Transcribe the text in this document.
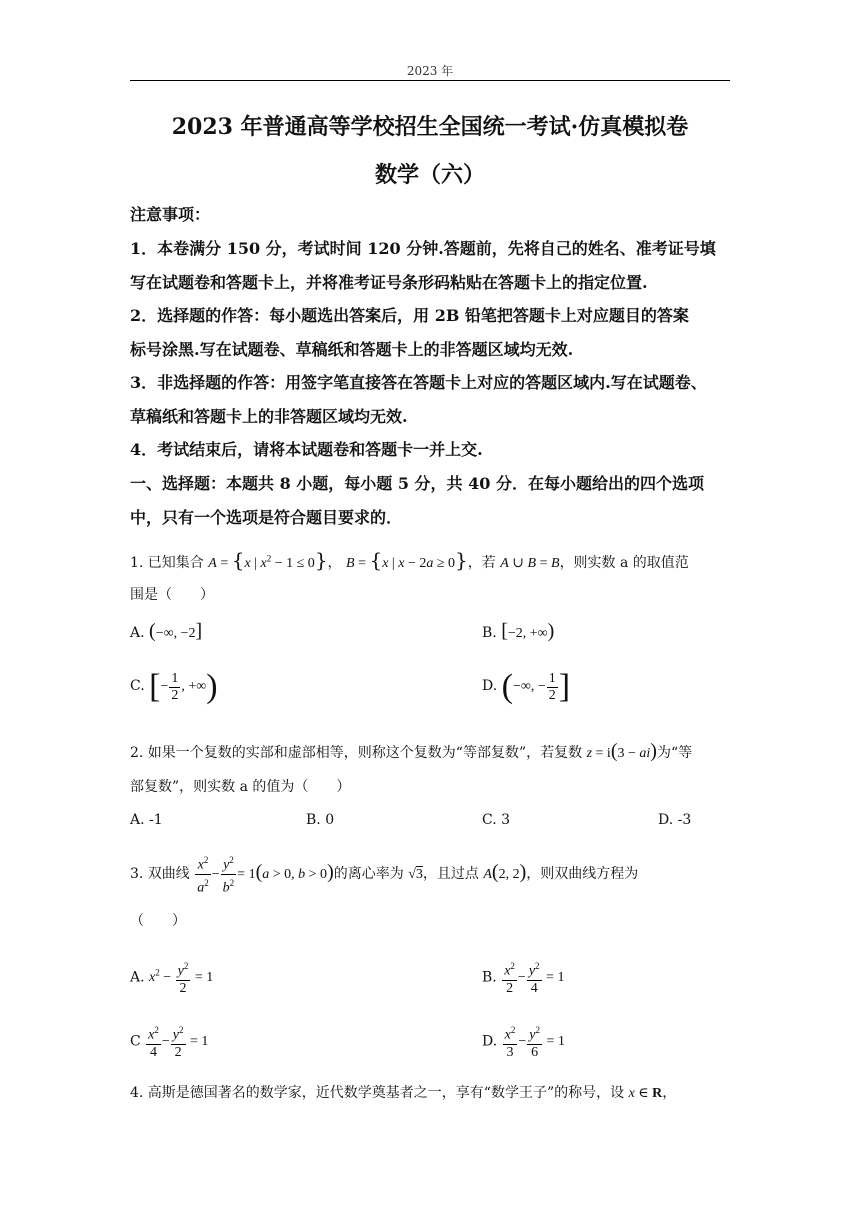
2023 年
2023 年普通高等学校招生全国统一考试·仿真模拟卷
数学（六）
注意事项：
1．本卷满分 150 分，考试时间 120 分钟.答题前，先将自己的姓名、准考证号填
写在试题卷和答题卡上，并将准考证号条形码粘贴在答题卡上的指定位置.
2．选择题的作答：每小题选出答案后，用 2B 铅笔把答题卡上对应题目的答案
标号涂黑.写在试题卷、草稿纸和答题卡上的非答题区域均无效.
3．非选择题的作答：用签字笔直接答在答题卡上对应的答题区域内.写在试题卷、
草稿纸和答题卡上的非答题区域均无效.
4．考试结束后，请将本试题卷和答题卡一并上交.
一、选择题：本题共 8 小题，每小题 5 分，共 40 分．在每小题给出的四个选项
中，只有一个选项是符合题目要求的．
1. 已知集合 A = {x | $x^2 - 1 \le 0$}， B = {x | x − 2a ≥ 0}，若 A ∪ B = B，则实数 a 的取值范
围是（　　）
A. (−∞, −2]	B. [−2, +∞)
C. [− $\frac{1}{2}$ , +∞)	D. (−∞, − $\frac{1}{2}$ ]
2. 如果一个复数的实部和虚部相等，则称这个复数为“等部复数”，若复数 z = i(3 − ai)为“等
部复数”，则实数 a 的值为（　　）
A. -1	B. 0	C. 3	D. -3
3. 双曲线 $\frac{x^2}{a^2} - \frac{y^2}{b^2} = 1(a > 0$, b > 0)的离心率为 √3，且过点 A(2, 2)，则双曲线方程为
（　　）
A. $x^2 - \frac{y^2}{2} = 1$	B. $\frac{x^2}{2} - \frac{y^2}{4} = 1$
C $\frac{x^2}{4} - \frac{y^2}{2} = 1$	D. $\frac{x^2}{3} - \frac{y^2}{6} = 1$
4. 高斯是德国著名的数学家，近代数学奠基者之一，享有“数学王子”的称号，设 x ∈ R，
